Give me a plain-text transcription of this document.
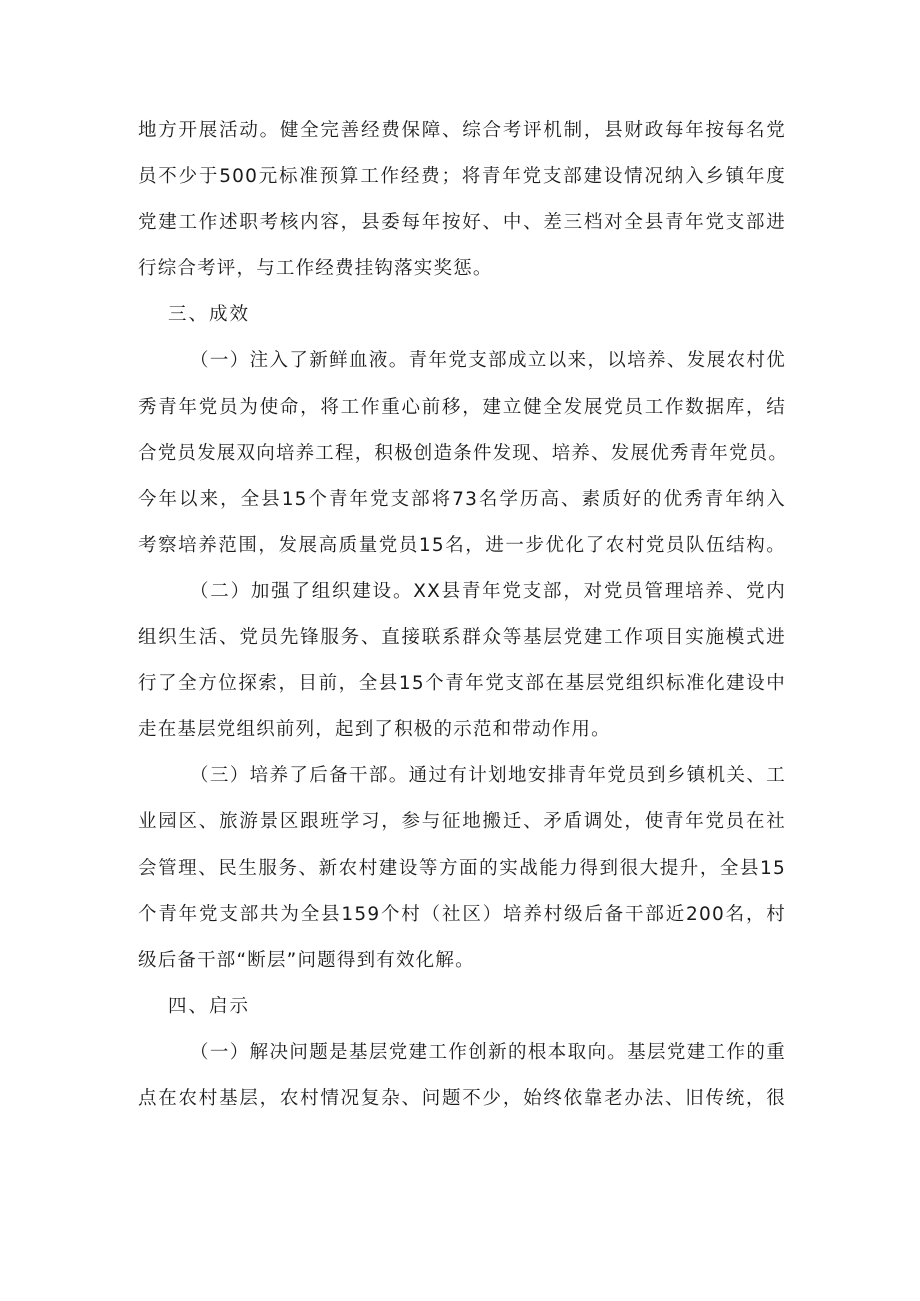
地方开展活动。健全完善经费保障、综合考评机制，县财政每年按每名党
员不少于500元标准预算工作经费；将青年党支部建设情况纳入乡镇年度
党建工作述职考核内容，县委每年按好、中、差三档对全县青年党支部进
行综合考评，与工作经费挂钩落实奖惩。
三、成效
（一）注入了新鲜血液。青年党支部成立以来，以培养、发展农村优
秀青年党员为使命，将工作重心前移，建立健全发展党员工作数据库，结
合党员发展双向培养工程，积极创造条件发现、培养、发展优秀青年党员。
今年以来，全县15个青年党支部将73名学历高、素质好的优秀青年纳入
考察培养范围，发展高质量党员15名，进一步优化了农村党员队伍结构。
（二）加强了组织建设。XX县青年党支部，对党员管理培养、党内
组织生活、党员先锋服务、直接联系群众等基层党建工作项目实施模式进
行了全方位探索，目前，全县15个青年党支部在基层党组织标准化建设中
走在基层党组织前列，起到了积极的示范和带动作用。
（三）培养了后备干部。通过有计划地安排青年党员到乡镇机关、工
业园区、旅游景区跟班学习，参与征地搬迁、矛盾调处，使青年党员在社
会管理、民生服务、新农村建设等方面的实战能力得到很大提升，全县15
个青年党支部共为全县159个村（社区）培养村级后备干部近200名，村
级后备干部“断层”问题得到有效化解。
四、启示
（一）解决问题是基层党建工作创新的根本取向。基层党建工作的重
点在农村基层，农村情况复杂、问题不少，始终依靠老办法、旧传统，很
